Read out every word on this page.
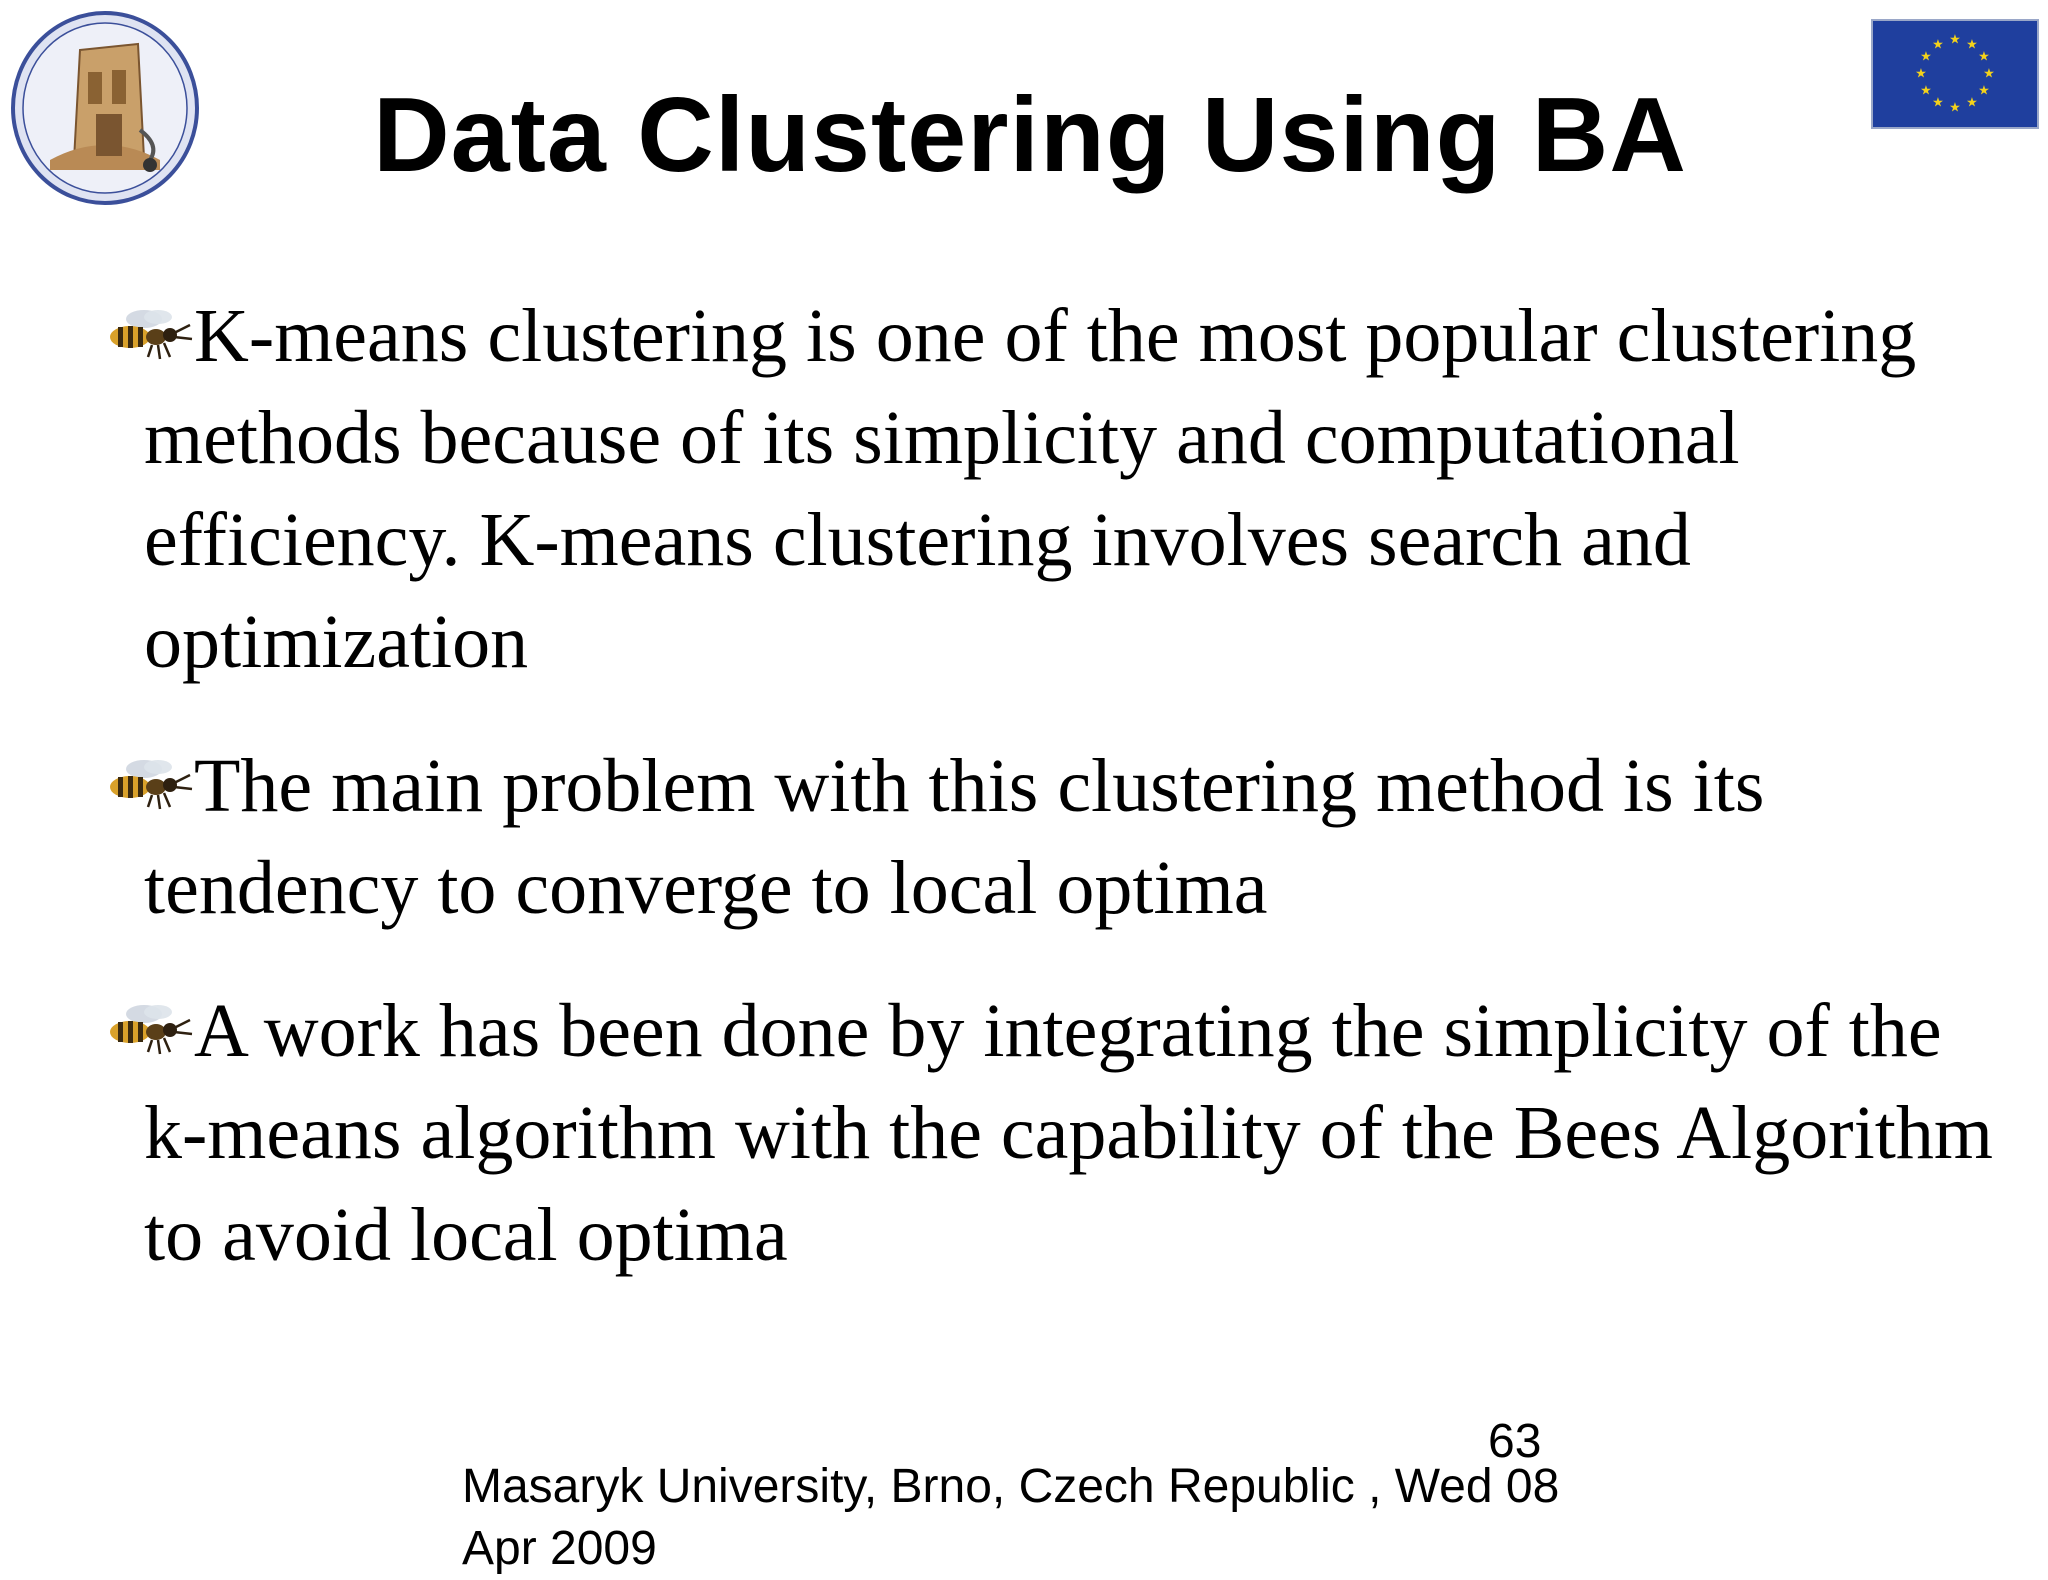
★ ★
★
★
★
★
★
★
★
★
★
★
Data Clustering Using BA
K-means clustering is one of the most popular clustering methods because of its simplicity and computational efficiency. K-means clustering involves search and optimization
The main problem with this clustering method is its tendency to converge to local optima
A work has been done by integrating the simplicity of the k-means algorithm with the capability of the Bees Algorithm to avoid local optima
63
Masaryk University, Brno, Czech Republic , Wed 08 Apr 2009
